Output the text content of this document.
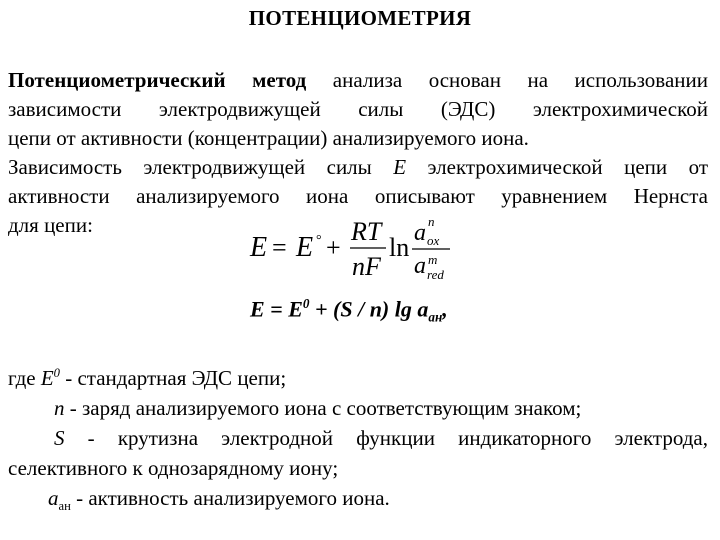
ПОТЕНЦИОМЕТРИЯ
Потенциометрический метод анализа основан на использовании
зависимости электродвижущей силы (ЭДС) электрохимической

цепи от активности (концентрации) анализируемого иона.
Зависимость электродвижущей силы E электрохимической цепи от
активности анализируемого иона описывают уравнением Нернста

для цепи:
E = E ° +
RT
nF
ln a n
ox
a m
red
$E = E^0 + (S / n)$ $\lg a_{ан}$,
где $E^0$ - стандартная ЭДС цепи;
n - заряд анализируемого иона с соответствующим знаком;
S - крутизна электродной функции индикаторного электрода,
селективного к однозарядному иону;
$a_{ан}$ - активность анализируемого иона.
